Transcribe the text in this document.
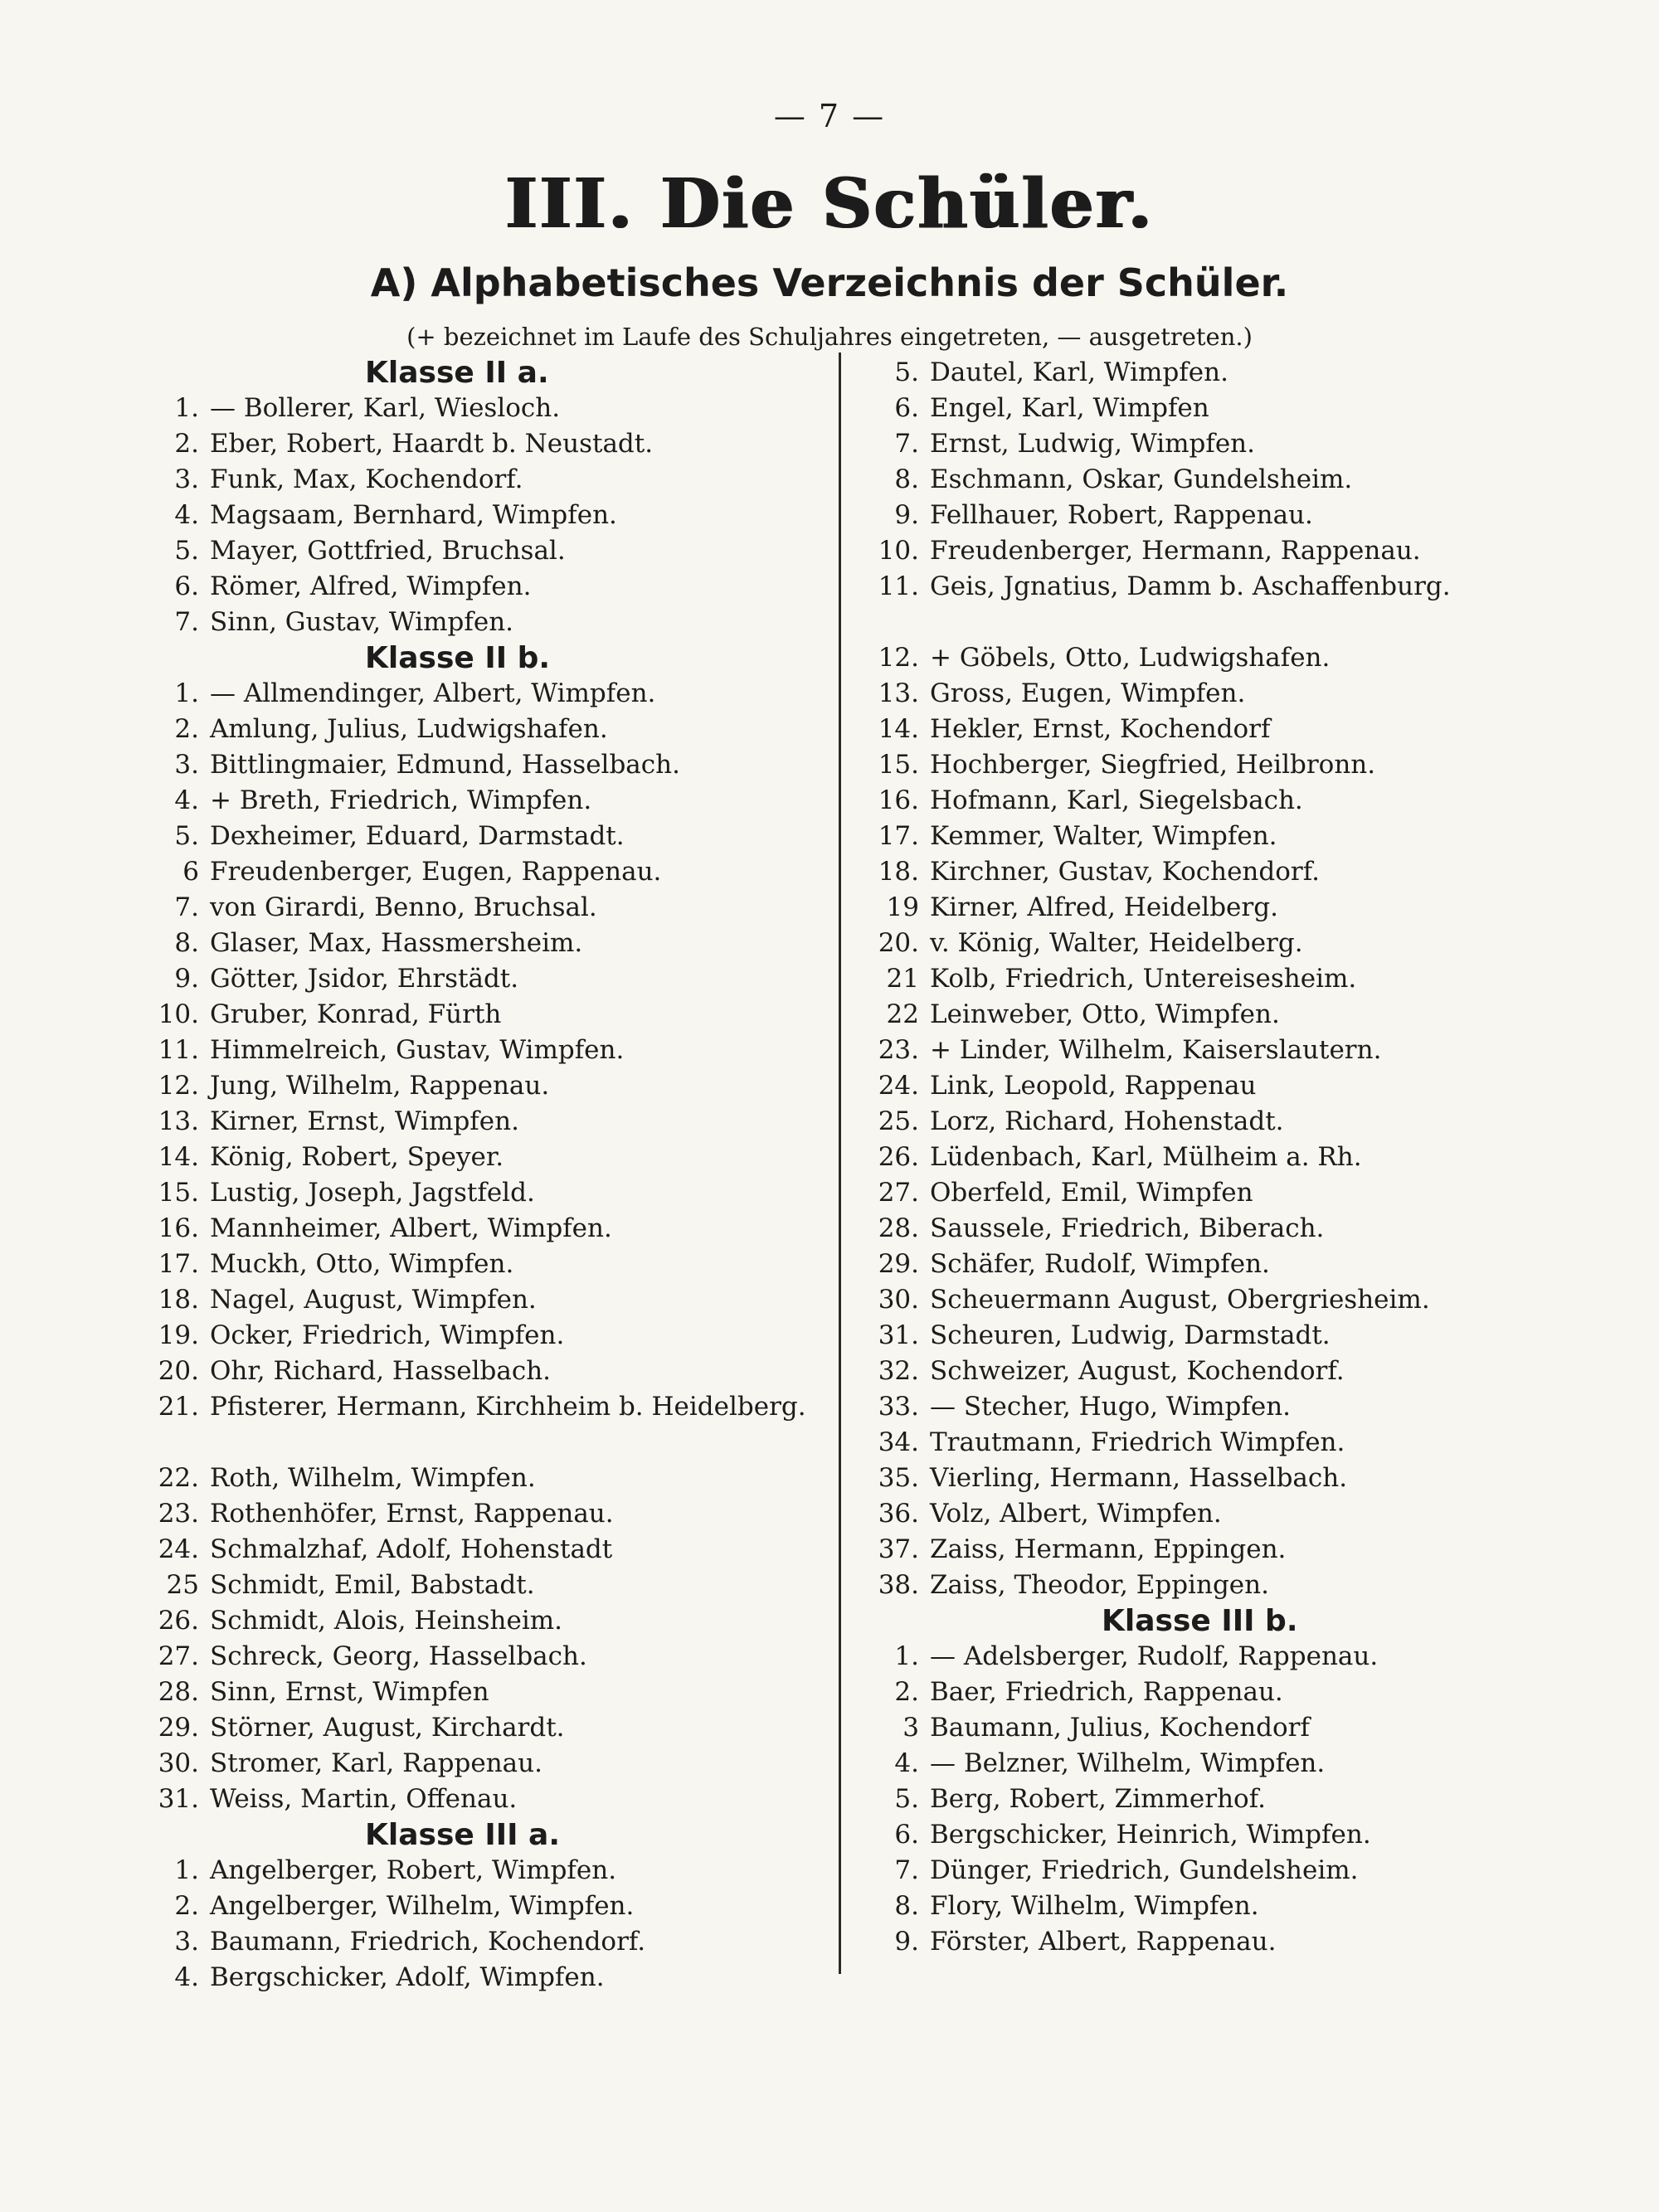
— 7 —
III. Die Schüler.
A) Alphabetisches Verzeichnis der Schüler.
(+ bezeichnet im Laufe des Schuljahres eingetreten, — ausgetreten.)
Klasse II a.
1. — Bollerer, Karl, Wiesloch.
2. Eber, Robert, Haardt b. Neustadt.
3. Funk, Max, Kochendorf.
4. Magsaam, Bernhard, Wimpfen.
5. Mayer, Gottfried, Bruchsal.
6. Römer, Alfred, Wimpfen.
7. Sinn, Gustav, Wimpfen.
Klasse II b.
1. — Allmendinger, Albert, Wimpfen.
2. Amlung, Julius, Ludwigshafen.
3. Bittlingmaier, Edmund, Hasselbach.
4. + Breth, Friedrich, Wimpfen.
5. Dexheimer, Eduard, Darmstadt.
6 Freudenberger, Eugen, Rappenau.
7. von Girardi, Benno, Bruchsal.
8. Glaser, Max, Hassmersheim.
9. Götter, Jsidor, Ehrstädt.
10. Gruber, Konrad, Fürth
11. Himmelreich, Gustav, Wimpfen.
12. Jung, Wilhelm, Rappenau.
13. Kirner, Ernst, Wimpfen.
14. König, Robert, Speyer.
15. Lustig, Joseph, Jagstfeld.
16. Mannheimer, Albert, Wimpfen.
17. Muckh, Otto, Wimpfen.
18. Nagel, August, Wimpfen.
19. Ocker, Friedrich, Wimpfen.
20. Ohr, Richard, Hasselbach.
21. Pfisterer, Hermann, Kirchheim b. Heidelberg.
22. Roth, Wilhelm, Wimpfen.
23. Rothenhöfer, Ernst, Rappenau.
24. Schmalzhaf, Adolf, Hohenstadt
25 Schmidt, Emil, Babstadt.
26. Schmidt, Alois, Heinsheim.
27. Schreck, Georg, Hasselbach.
28. Sinn, Ernst, Wimpfen
29. Störner, August, Kirchardt.
30. Stromer, Karl, Rappenau.
31. Weiss, Martin, Offenau.
Klasse III a.
1. Angelberger, Robert, Wimpfen.
2. Angelberger, Wilhelm, Wimpfen.
3. Baumann, Friedrich, Kochendorf.
4. Bergschicker, Adolf, Wimpfen.
5. Dautel, Karl, Wimpfen.
6. Engel, Karl, Wimpfen
7. Ernst, Ludwig, Wimpfen.
8. Eschmann, Oskar, Gundelsheim.
9. Fellhauer, Robert, Rappenau.
10. Freudenberger, Hermann, Rappenau.
11. Geis, Jgnatius, Damm b. Aschaffenburg.
12. + Göbels, Otto, Ludwigshafen.
13. Gross, Eugen, Wimpfen.
14. Hekler, Ernst, Kochendorf
15. Hochberger, Siegfried, Heilbronn.
16. Hofmann, Karl, Siegelsbach.
17. Kemmer, Walter, Wimpfen.
18. Kirchner, Gustav, Kochendorf.
19 Kirner, Alfred, Heidelberg.
20. v. König, Walter, Heidelberg.
21 Kolb, Friedrich, Untereisesheim.
22 Leinweber, Otto, Wimpfen.
23. + Linder, Wilhelm, Kaiserslautern.
24. Link, Leopold, Rappenau
25. Lorz, Richard, Hohenstadt.
26. Lüdenbach, Karl, Mülheim a. Rh.
27. Oberfeld, Emil, Wimpfen
28. Saussele, Friedrich, Biberach.
29. Schäfer, Rudolf, Wimpfen.
30. Scheuermann August, Obergriesheim.
31. Scheuren, Ludwig, Darmstadt.
32. Schweizer, August, Kochendorf.
33. — Stecher, Hugo, Wimpfen.
34. Trautmann, Friedrich Wimpfen.
35. Vierling, Hermann, Hasselbach.
36. Volz, Albert, Wimpfen.
37. Zaiss, Hermann, Eppingen.
38. Zaiss, Theodor, Eppingen.
Klasse III b.
1. — Adelsberger, Rudolf, Rappenau.
2. Baer, Friedrich, Rappenau.
3 Baumann, Julius, Kochendorf
4. — Belzner, Wilhelm, Wimpfen.
5. Berg, Robert, Zimmerhof.
6. Bergschicker, Heinrich, Wimpfen.
7. Dünger, Friedrich, Gundelsheim.
8. Flory, Wilhelm, Wimpfen.
9. Förster, Albert, Rappenau.
